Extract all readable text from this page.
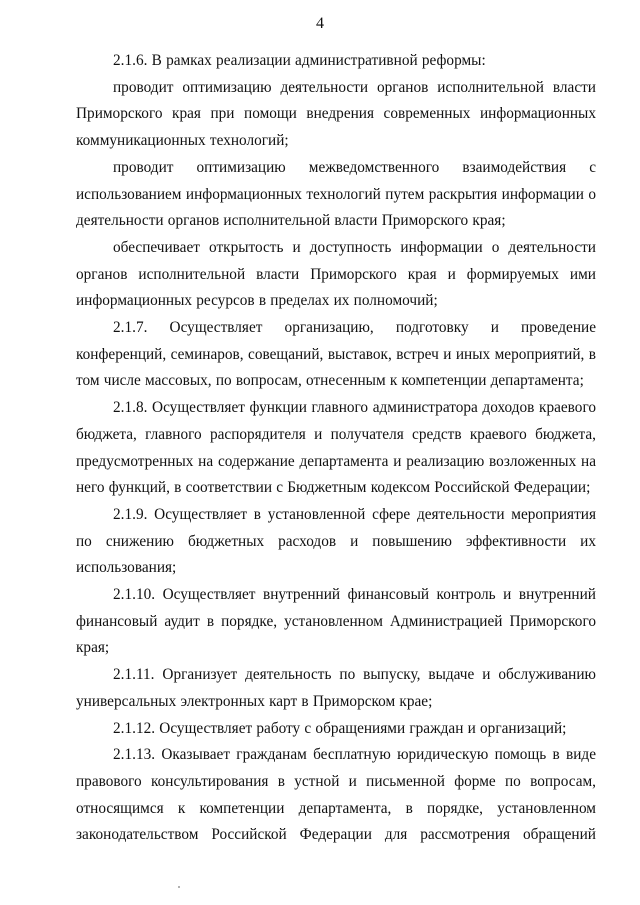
4

2.1.6. В рамках реализации административной реформы:

проводит оптимизацию деятельности органов исполнительной власти Приморского края при помощи внедрения современных информационных коммуникационных технологий;

проводит оптимизацию межведомственного взаимодействия с использованием информационных технологий путем раскрытия информации о деятельности органов исполнительной власти Приморского края;

обеспечивает открытость и доступность информации о деятельности органов исполнительной власти Приморского края и формируемых ими информационных ресурсов в пределах их полномочий;

2.1.7. Осуществляет организацию, подготовку и проведение конференций, семинаров, совещаний, выставок, встреч и иных мероприятий, в том числе массовых, по вопросам, отнесенным к компетенции департамента;

2.1.8. Осуществляет функции главного администратора доходов краевого бюджета, главного распорядителя и получателя средств краевого бюджета, предусмотренных на содержание департамента и реализацию возложенных на него функций, в соответствии с Бюджетным кодексом Российской Федерации;

2.1.9. Осуществляет в установленной сфере деятельности мероприятия по снижению бюджетных расходов и повышению эффективности их использования;

2.1.10. Осуществляет внутренний финансовый контроль и внутренний финансовый аудит в порядке, установленном Администрацией Приморского края;

2.1.11. Организует деятельность по выпуску, выдаче и обслуживанию универсальных электронных карт в Приморском крае;

2.1.12. Осуществляет работу с обращениями граждан и организаций;

2.1.13. Оказывает гражданам бесплатную юридическую помощь в виде правового консультирования в устной и письменной форме по вопросам, относящимся к компетенции департамента, в порядке, установленном законодательством Российской Федерации для рассмотрения обращений
